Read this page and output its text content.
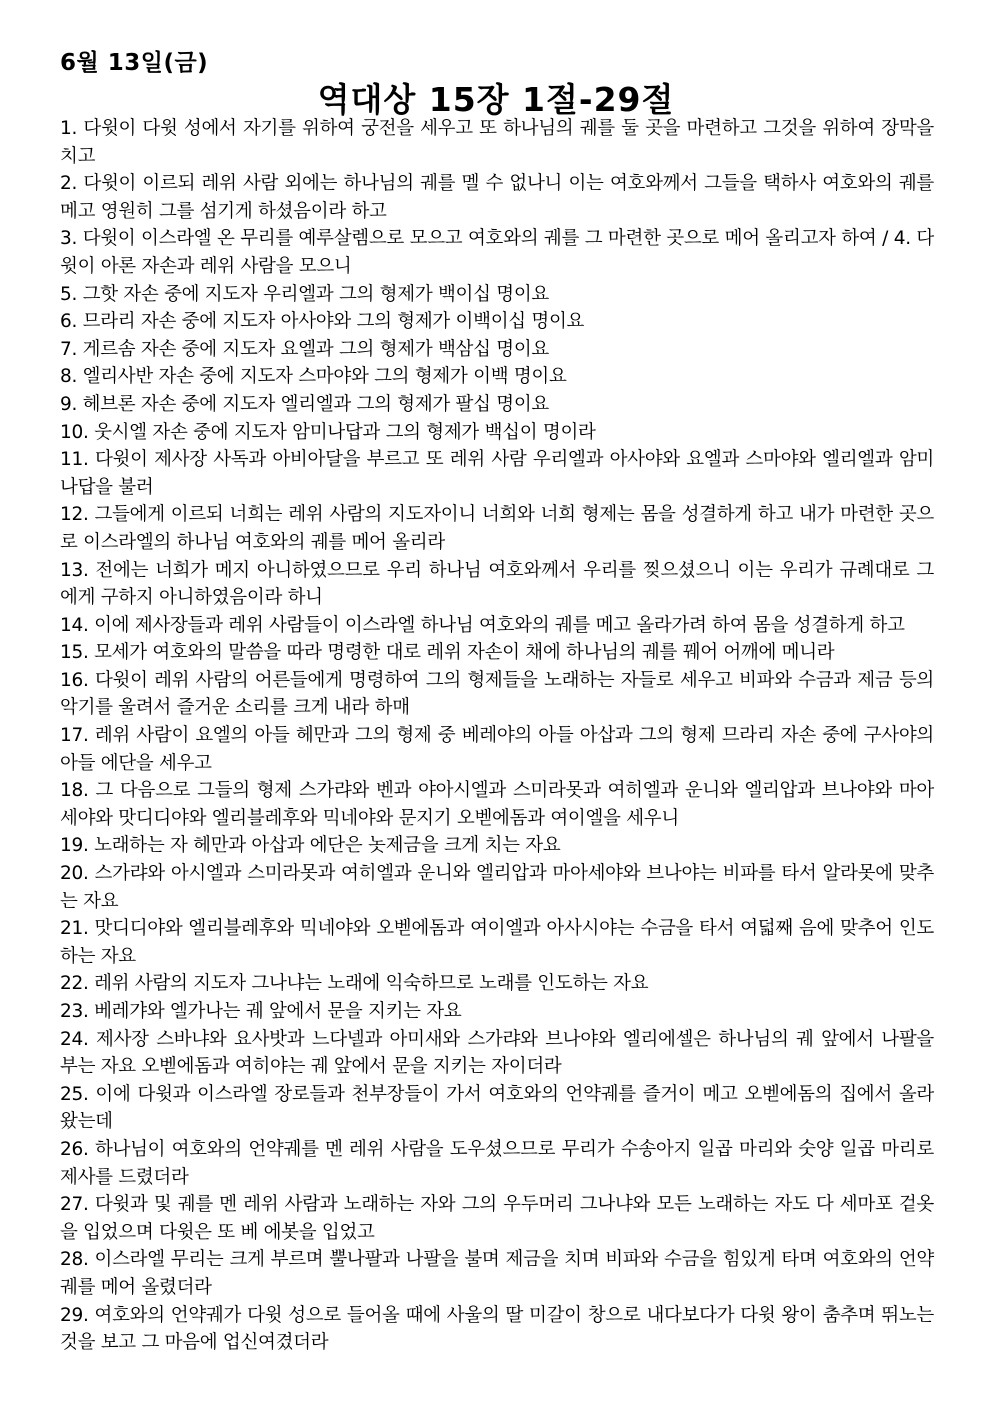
6월 13일(금)
역대상 15장 1절-29절

1. 다윗이 다윗 성에서 자기를 위하여 궁전을 세우고 또 하나님의 궤를 둘 곳을 마련하고 그것을 위하여 장막을 치고

2. 다윗이 이르되 레위 사람 외에는 하나님의 궤를 멜 수 없나니 이는 여호와께서 그들을 택하사 여호와의 궤를 메고 영원히 그를 섬기게 하셨음이라 하고

3. 다윗이 이스라엘 온 무리를 예루살렘으로 모으고 여호와의 궤를 그 마련한 곳으로 메어 올리고자 하여 / 4. 다윗이 아론 자손과 레위 사람을 모으니

5. 그핫 자손 중에 지도자 우리엘과 그의 형제가 백이십 명이요

6. 므라리 자손 중에 지도자 아사야와 그의 형제가 이백이십 명이요

7. 게르솜 자손 중에 지도자 요엘과 그의 형제가 백삼십 명이요

8. 엘리사반 자손 중에 지도자 스마야와 그의 형제가 이백 명이요

9. 헤브론 자손 중에 지도자 엘리엘과 그의 형제가 팔십 명이요

10. 웃시엘 자손 중에 지도자 암미나답과 그의 형제가 백십이 명이라

11. 다윗이 제사장 사독과 아비아달을 부르고 또 레위 사람 우리엘과 아사야와 요엘과 스마야와 엘리엘과 암미나답을 불러

12. 그들에게 이르되 너희는 레위 사람의 지도자이니 너희와 너희 형제는 몸을 성결하게 하고 내가 마련한 곳으로 이스라엘의 하나님 여호와의 궤를 메어 올리라

13. 전에는 너희가 메지 아니하였으므로 우리 하나님 여호와께서 우리를 찢으셨으니 이는 우리가 규례대로 그에게 구하지 아니하였음이라 하니

14. 이에 제사장들과 레위 사람들이 이스라엘 하나님 여호와의 궤를 메고 올라가려 하여 몸을 성결하게 하고

15. 모세가 여호와의 말씀을 따라 명령한 대로 레위 자손이 채에 하나님의 궤를 꿰어 어깨에 메니라

16. 다윗이 레위 사람의 어른들에게 명령하여 그의 형제들을 노래하는 자들로 세우고 비파와 수금과 제금 등의 악기를 울려서 즐거운 소리를 크게 내라 하매

17. 레위 사람이 요엘의 아들 헤만과 그의 형제 중 베레야의 아들 아삽과 그의 형제 므라리 자손 중에 구사야의 아들 에단을 세우고

18. 그 다음으로 그들의 형제 스가랴와 벤과 야아시엘과 스미라못과 여히엘과 운니와 엘리압과 브나야와 마아세야와 맛디디야와 엘리블레후와 믹네야와 문지기 오벧에돔과 여이엘을 세우니

19. 노래하는 자 헤만과 아삽과 에단은 놋제금을 크게 치는 자요

20. 스가랴와 아시엘과 스미라못과 여히엘과 운니와 엘리압과 마아세야와 브나야는 비파를 타서 알라못에 맞추는 자요

21. 맛디디야와 엘리블레후와 믹네야와 오벧에돔과 여이엘과 아사시야는 수금을 타서 여덟째 음에 맞추어 인도하는 자요

22. 레위 사람의 지도자 그나냐는 노래에 익숙하므로 노래를 인도하는 자요

23. 베레갸와 엘가나는 궤 앞에서 문을 지키는 자요

24. 제사장 스바냐와 요사밧과 느다넬과 아미새와 스가랴와 브나야와 엘리에셀은 하나님의 궤 앞에서 나팔을 부는 자요 오벧에돔과 여히야는 궤 앞에서 문을 지키는 자이더라

25. 이에 다윗과 이스라엘 장로들과 천부장들이 가서 여호와의 언약궤를 즐거이 메고 오벧에돔의 집에서 올라왔는데

26. 하나님이 여호와의 언약궤를 멘 레위 사람을 도우셨으므로 무리가 수송아지 일곱 마리와 숫양 일곱 마리로 제사를 드렸더라

27. 다윗과 및 궤를 멘 레위 사람과 노래하는 자와 그의 우두머리 그나냐와 모든 노래하는 자도 다 세마포 겉옷을 입었으며 다윗은 또 베 에봇을 입었고

28. 이스라엘 무리는 크게 부르며 뿔나팔과 나팔을 불며 제금을 치며 비파와 수금을 힘있게 타며 여호와의 언약궤를 메어 올렸더라

29. 여호와의 언약궤가 다윗 성으로 들어올 때에 사울의 딸 미갈이 창으로 내다보다가 다윗 왕이 춤추며 뛰노는 것을 보고 그 마음에 업신여겼더라
